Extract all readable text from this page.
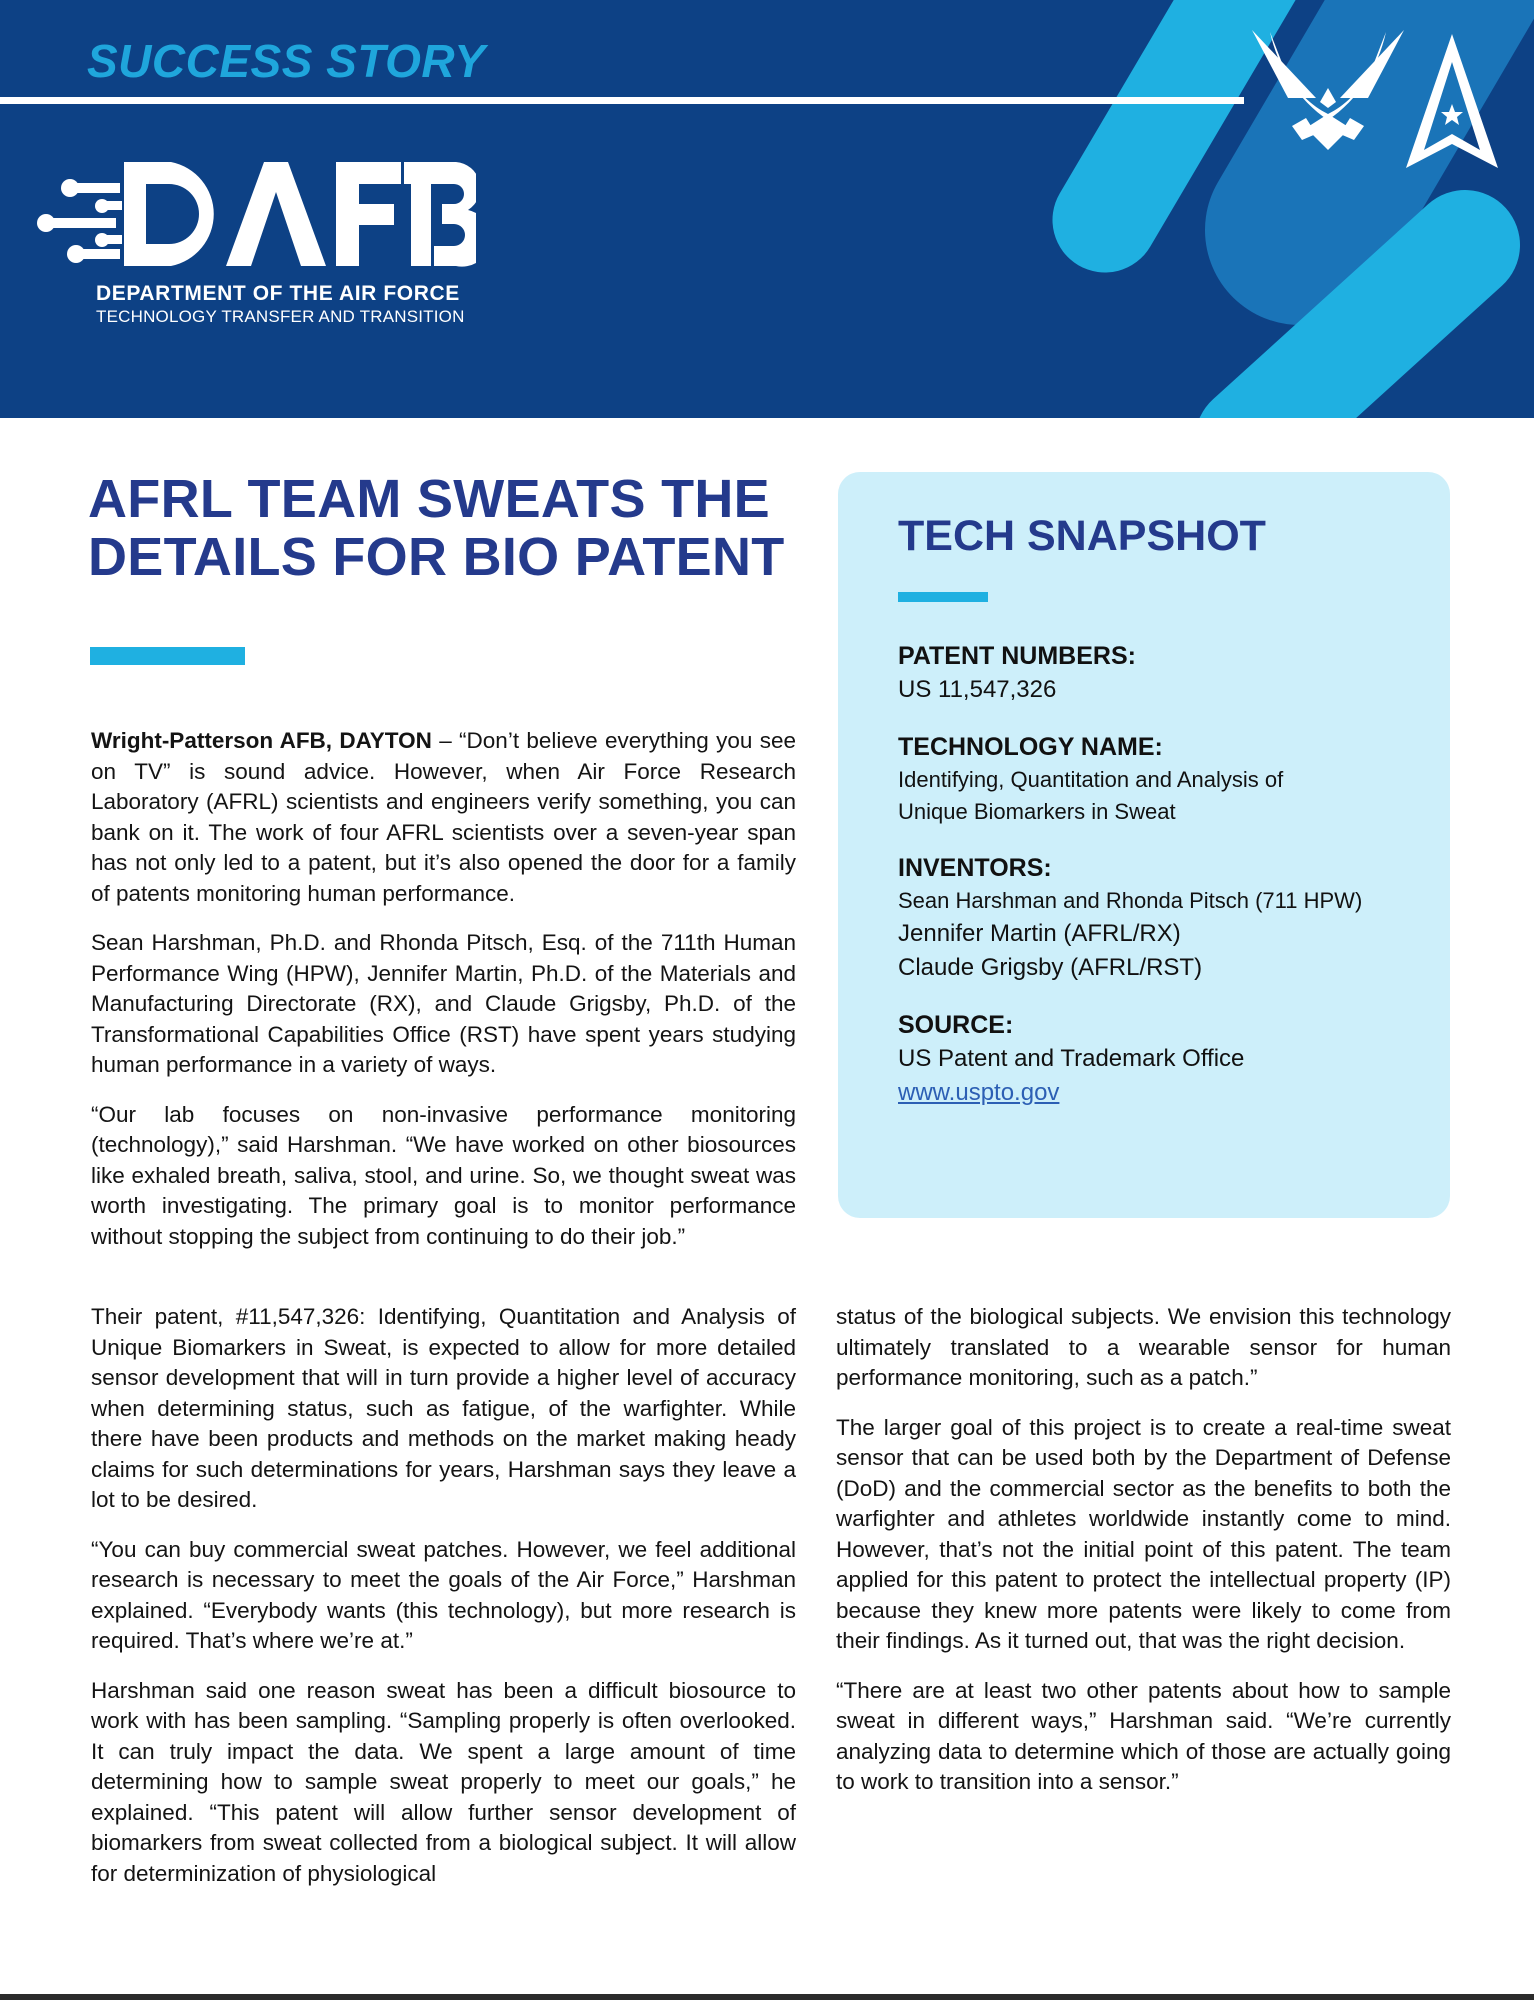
SUCCESS STORY
DEPARTMENT OF THE AIR FORCE
TECHNOLOGY TRANSFER AND TRANSITION
AFRL TEAM SWEATS THE
DETAILS FOR BIO PATENT

Wright-Patterson AFB, DAYTON – “Don’t believe everything you see on TV” is sound advice. However, when Air Force Research Laboratory (AFRL) scientists and engineers verify something, you can bank on it. The work of four AFRL scientists over a seven-year span has not only led to a patent, but it’s also opened the door for a family of patents monitoring human performance.

Sean Harshman, Ph.D. and Rhonda Pitsch, Esq. of the 711th Human Performance Wing (HPW), Jennifer Martin, Ph.D. of the Materials and Manufacturing Directorate (RX), and Claude Grigsby, Ph.D. of the Transformational Capabilities Office (RST) have spent years studying human performance in a variety of ways.

“Our lab focuses on non-invasive performance monitoring (technology),” said Harshman. “We have worked on other biosources like exhaled breath, saliva, stool, and urine. So, we thought sweat was worth investigating. The primary goal is to monitor performance without stopping the subject from continuing to do their job.”

TECH SNAPSHOT
PATENT NUMBERS:
US 11,547,326
TECHNOLOGY NAME:
Identifying, Quantitation and Analysis of
Unique Biomarkers in Sweat
INVENTORS:
Sean Harshman and Rhonda Pitsch (711 HPW)
Jennifer Martin (AFRL/RX)
Claude Grigsby (AFRL/RST)
SOURCE:
US Patent and Trademark Office
www.uspto.gov

Their patent, #11,547,326: Identifying, Quantitation and Analysis of Unique Biomarkers in Sweat, is expected to allow for more detailed sensor development that will in turn provide a higher level of accuracy when determining status, such as fatigue, of the warfighter. While there have been products and methods on the market making heady claims for such determinations for years, Harshman says they leave a lot to be desired.

“You can buy commercial sweat patches. However, we feel additional research is necessary to meet the goals of the Air Force,” Harshman explained. “Everybody wants (this technology), but more research is required. That’s where we’re at.”

Harshman said one reason sweat has been a difficult biosource to work with has been sampling. “Sampling properly is often overlooked. It can truly impact the data. We spent a large amount of time determining how to sample sweat properly to meet our goals,” he explained. “This patent will allow further sensor development of biomarkers from sweat collected from a biological subject. It will allow for determinization of physiological

status of the biological subjects. We envision this technology ultimately translated to a wearable sensor for human performance monitoring, such as a patch.”

The larger goal of this project is to create a real-time sweat sensor that can be used both by the Department of Defense (DoD) and the commercial sector as the benefits to both the warfighter and athletes worldwide instantly come to mind. However, that’s not the initial point of this patent. The team applied for this patent to protect the intellectual property (IP) because they knew more patents were likely to come from their findings. As it turned out, that was the right decision.

“There are at least two other patents about how to sample sweat in different ways,” Harshman said. “We’re currently analyzing data to determine which of those are actually going to work to transition into a sensor.”
